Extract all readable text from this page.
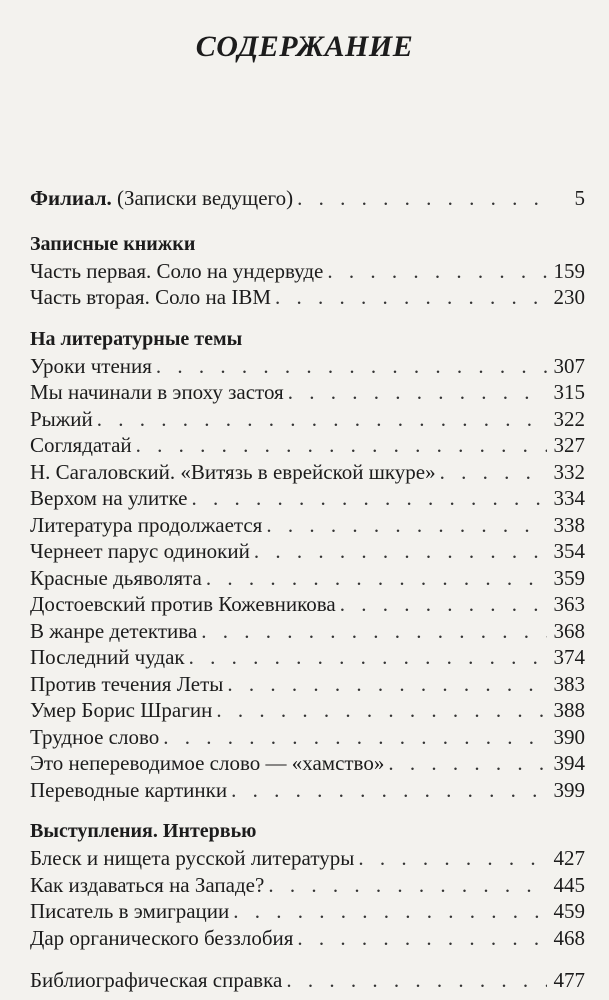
СОДЕРЖАНИЕ
Филиал. (Записки ведущего) . . .	5
Записные книжки
Часть первая. Соло на ундервуде . . .	159
Часть вторая. Соло на IBM . . .	230
На литературные темы
Уроки чтения . . .	307
Мы начинали в эпоху застоя . . .	315
Рыжий . . .	322
Соглядатай . . .	327
Н. Сагаловский. «Витязь в еврейской шкуре» . . .	332
Верхом на улитке . . .	334
Литература продолжается . . .	338
Чернеет парус одинокий . . .	354
Красные дьяволята . . .	359
Достоевский против Кожевникова . . .	363
В жанре детектива . . .	368
Последний чудак . . .	374
Против течения Леты . . .	383
Умер Борис Шрагин . . .	388
Трудное слово . . .	390
Это непереводимое слово — «хамство» . . .	394
Переводные картинки . . .	399
Выступления. Интервью
Блеск и нищета русской литературы . . .	427
Как издаваться на Западе? . . .	445
Писатель в эмиграции . . .	459
Дар органического беззлобия . . .	468
Библиографическая справка . . .	477
